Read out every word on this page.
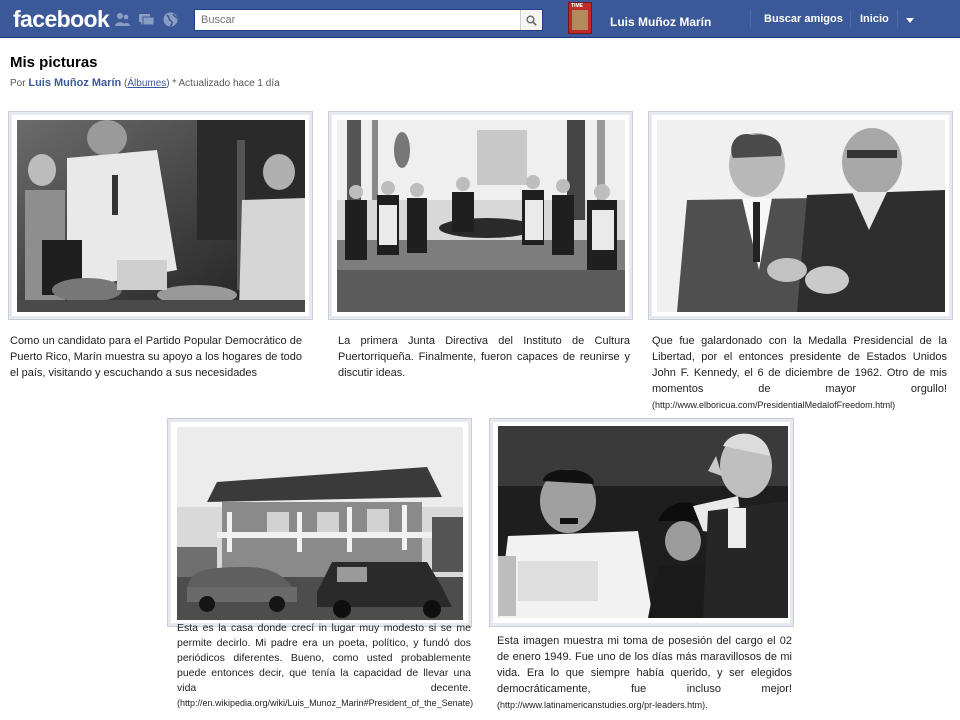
facebook
Buscar	TIME
Luis Muñoz Marín	Buscar amigos Inicio
Mis picturas
Por Luis Muñoz Marín (Álbumes) * Actualizado hace 1 día
Como un candidato para el Partido Popular Democrático de Puerto Rico, Marín muestra su apoyo a los hogares de todo el país, visitando y escuchando a sus necesidades
La primera Junta Directiva del Instituto de Cultura Puertorriqueña. Finalmente, fueron capaces de reunirse y discutir ideas.
Que fue galardonado con la Medalla Presidencial de la Libertad, por el entonces presidente de Estados Unidos John F. Kennedy, el 6 de diciembre de 1962. Otro de mis momentos de mayor orgullo! (http://www.elboricua.com/PresidentialMedalofFreedom.html)
Esta es la casa donde crecí in lugar muy modesto si se me permite decirlo. Mi padre era un poeta, político, y fundó dos periódicos diferentes. Bueno, como usted probablemente puede entonces decir, que tenía la capacidad de llevar una vida decente. (http://en.wikipedia.org/wiki/Luis_Munoz_Marin#President_of_the_Senate)
Esta imagen muestra mi toma de posesión del cargo el 02 de enero 1949. Fue uno de los días más maravillosos de mi vida. Era lo que siempre había querido, y ser elegidos democráticamente, fue incluso mejor! (http://www.latinamericanstudies.org/pr-leaders.htm).
